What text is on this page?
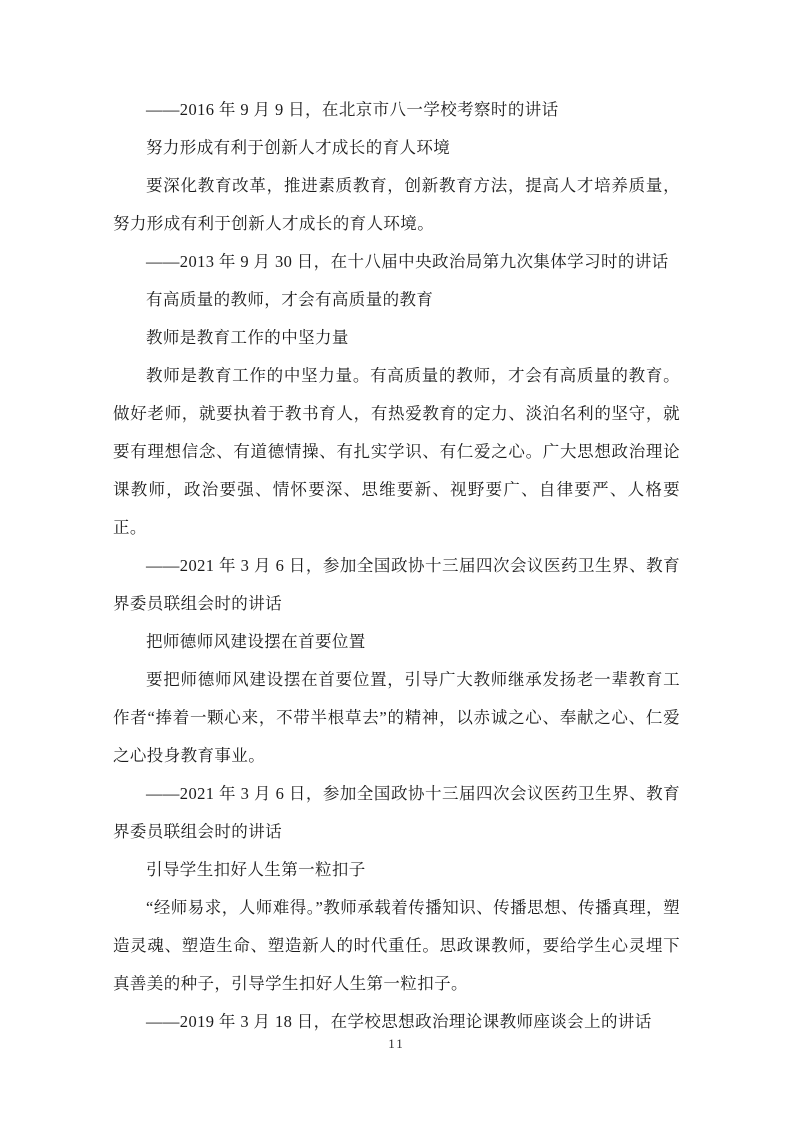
——2016 年 9 月 9 日，在北京市八一学校考察时的讲话

努力形成有利于创新人才成长的育人环境

要深化教育改革，推进素质教育，创新教育方法，提高人才培养质量，努力形成有利于创新人才成长的育人环境。

——2013 年 9 月 30 日，在十八届中央政治局第九次集体学习时的讲话

有高质量的教师，才会有高质量的教育

教师是教育工作的中坚力量

教师是教育工作的中坚力量。有高质量的教师，才会有高质量的教育。做好老师，就要执着于教书育人，有热爱教育的定力、淡泊名利的坚守，就要有理想信念、有道德情操、有扎实学识、有仁爱之心。广大思想政治理论课教师，政治要强、情怀要深、思维要新、视野要广、自律要严、人格要正。

——2021 年 3 月 6 日，参加全国政协十三届四次会议医药卫生界、教育界委员联组会时的讲话

把师德师风建设摆在首要位置

要把师德师风建设摆在首要位置，引导广大教师继承发扬老一辈教育工作者“捧着一颗心来，不带半根草去”的精神，以赤诚之心、奉献之心、仁爱之心投身教育事业。

——2021 年 3 月 6 日，参加全国政协十三届四次会议医药卫生界、教育界委员联组会时的讲话

引导学生扣好人生第一粒扣子

“经师易求，人师难得。”教师承载着传播知识、传播思想、传播真理，塑造灵魂、塑造生命、塑造新人的时代重任。思政课教师，要给学生心灵埋下真善美的种子，引导学生扣好人生第一粒扣子。

——2019 年 3 月 18 日，在学校思想政治理论课教师座谈会上的讲话

11
